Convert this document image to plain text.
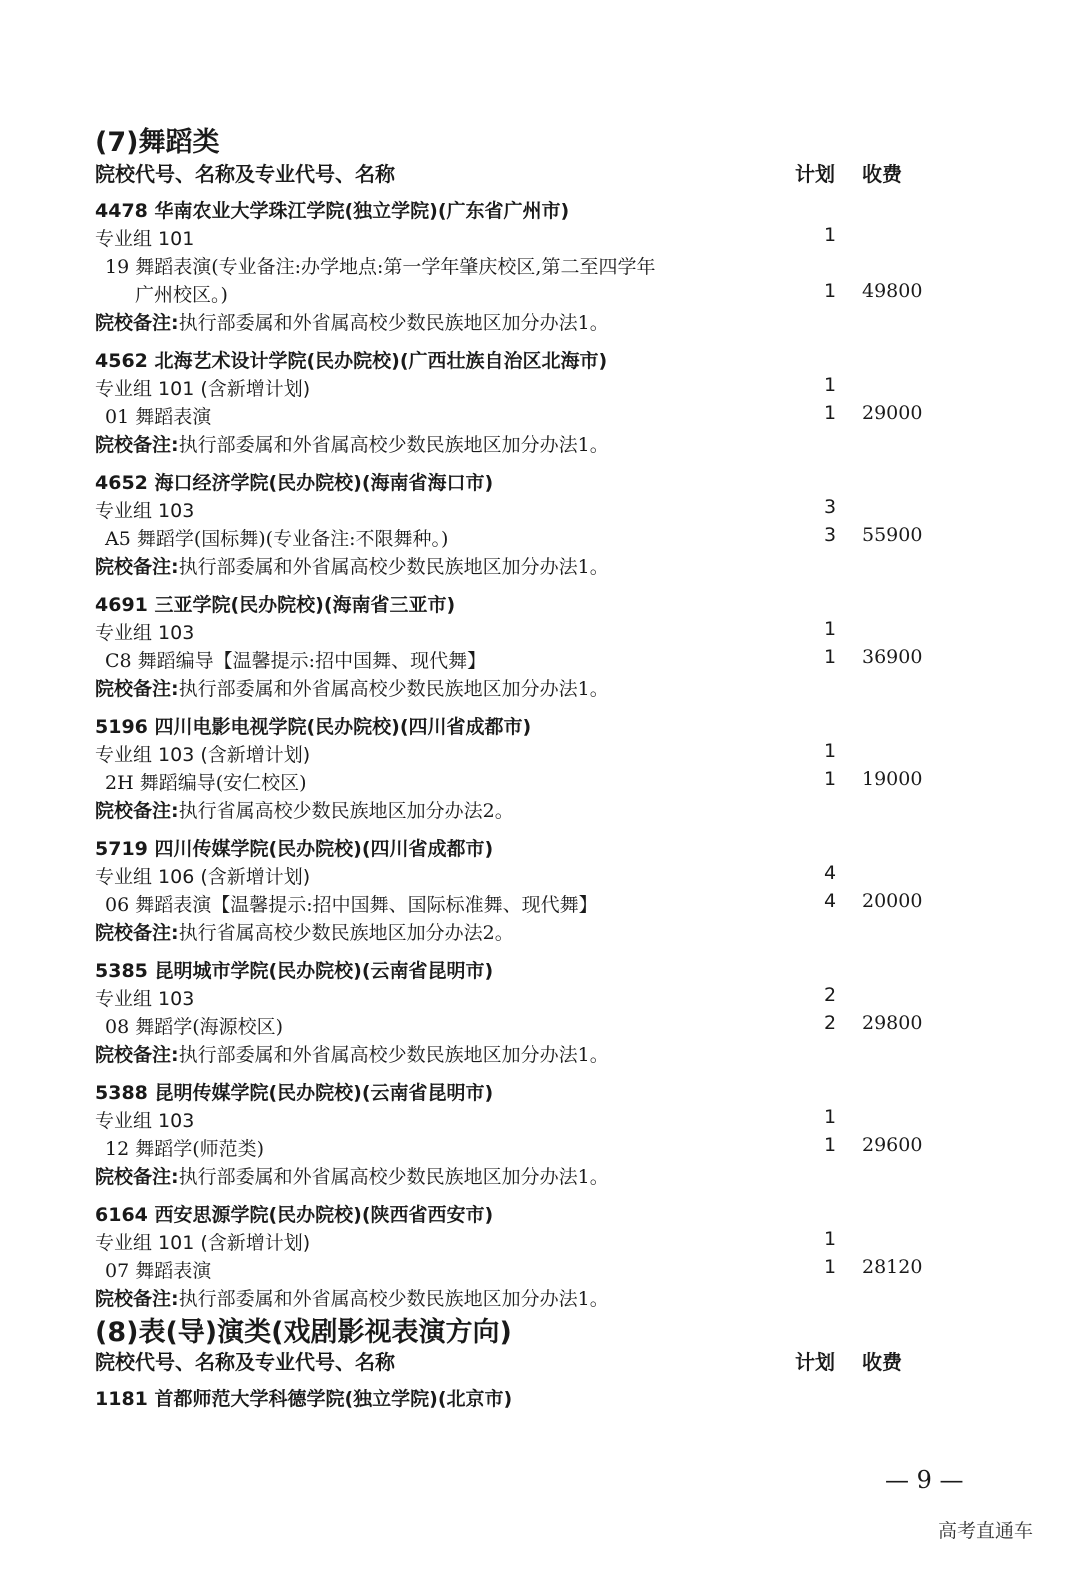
(7)舞蹈类
院校代号、名称及专业代号、名称	计划 收费
4478 华南农业大学珠江学院(独立学院)(广东省广州市)
专业组 101	1
19 舞蹈表演(专业备注:办学地点:第一学年肇庆校区,第二至四学年
广州校区。)	1	49800
院校备注:执行部委属和外省属高校少数民族地区加分办法1。
4562 北海艺术设计学院(民办院校)(广西壮族自治区北海市)
专业组 101 (含新增计划)	1
01 舞蹈表演	1	29000
院校备注:执行部委属和外省属高校少数民族地区加分办法1。
4652 海口经济学院(民办院校)(海南省海口市)
专业组 103	3
A5 舞蹈学(国标舞)(专业备注:不限舞种。)	3	55900
院校备注:执行部委属和外省属高校少数民族地区加分办法1。
4691 三亚学院(民办院校)(海南省三亚市)
专业组 103	1
C8 舞蹈编导【温馨提示:招中国舞、现代舞】	1	36900
院校备注:执行部委属和外省属高校少数民族地区加分办法1。
5196 四川电影电视学院(民办院校)(四川省成都市)
专业组 103 (含新增计划)	1
2H 舞蹈编导(安仁校区)	1	19000
院校备注:执行省属高校少数民族地区加分办法2。
5719 四川传媒学院(民办院校)(四川省成都市)
专业组 106 (含新增计划)	4
06 舞蹈表演【温馨提示:招中国舞、国际标准舞、现代舞】	4	20000
院校备注:执行省属高校少数民族地区加分办法2。
5385 昆明城市学院(民办院校)(云南省昆明市)
专业组 103	2
08 舞蹈学(海源校区)	2	29800
院校备注:执行部委属和外省属高校少数民族地区加分办法1。
5388 昆明传媒学院(民办院校)(云南省昆明市)
专业组 103	1
12 舞蹈学(师范类)	1	29600
院校备注:执行部委属和外省属高校少数民族地区加分办法1。
6164 西安思源学院(民办院校)(陕西省西安市)
专业组 101 (含新增计划)	1
07 舞蹈表演	1	28120
院校备注:执行部委属和外省属高校少数民族地区加分办法1。
(8)表(导)演类(戏剧影视表演方向)
院校代号、名称及专业代号、名称	计划 收费
1181 首都师范大学科德学院(独立学院)(北京市)
— 9 —
高考直通车
